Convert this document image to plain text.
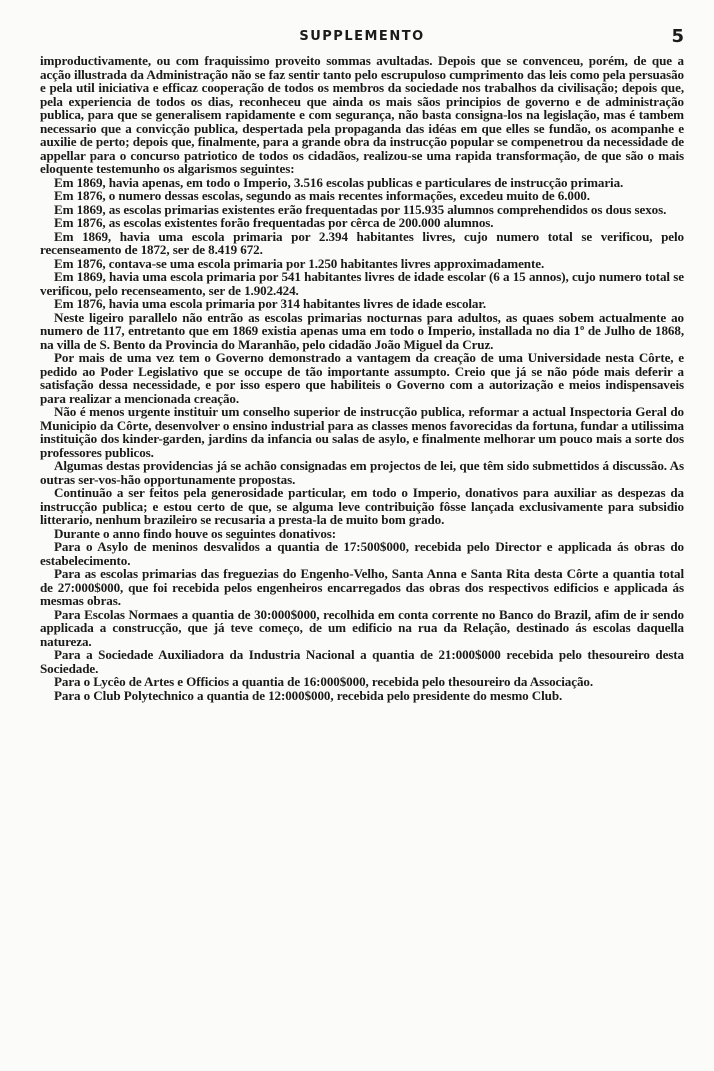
SUPPLEMENTO	5

improductivamente, ou com fraquissimo proveito sommas avultadas. Depois que se convenceu, porém, de que a acção illustrada da Administração não se faz sentir tanto pelo escrupuloso cumprimento das leis como pela persuasão e pela util iniciativa e efficaz cooperação de todos os membros da sociedade nos trabalhos da civilisação; depois que, pela experiencia de todos os dias, reconheceu que ainda os mais sãos principios de governo e de administração publica, para que se generalisem rapidamente e com segurança, não basta consigna-los na legislação, mas é tambem necessario que a convicção publica, despertada pela propaganda das idéas em que elles se fundão, os acompanhe e auxilie de perto; depois que, finalmente, para a grande obra da instrucção popular se compenetrou da necessidade de appellar para o concurso patriotico de todos os cidadãos, realizou-se uma rapida transformação, de que são o mais eloquente testemunho os algarismos seguintes:

Em 1869, havia apenas, em todo o Imperio, 3.516 escolas publicas e particulares de instrucção primaria.

Em 1876, o numero dessas escolas, segundo as mais recentes informações, excedeu muito de 6.000.

Em 1869, as escolas primarias existentes erão frequentadas por 115.935 alumnos comprehendidos os dous sexos.

Em 1876, as escolas existentes forão frequentadas por cêrca de 200.000 alumnos.

Em 1869, havia uma escola primaria por 2.394 habitantes livres, cujo numero total se verificou, pelo recenseamento de 1872, ser de 8.419 672.

Em 1876, contava-se uma escola primaria por 1.250 habitantes livres approximadamente.

Em 1869, havia uma escola primaria por 541 habitantes livres de idade escolar (6 a 15 annos), cujo numero total se verificou, pelo recenseamento, ser de 1.902.424.

Em 1876, havia uma escola primaria por 314 habitantes livres de idade escolar.

Neste ligeiro parallelo não entrão as escolas primarias nocturnas para adultos, as quaes sobem actualmente ao numero de 117, entretanto que em 1869 existia apenas uma em todo o Imperio, installada no dia 1º de Julho de 1868, na villa de S. Bento da Provincia do Maranhão, pelo cidadão João Miguel da Cruz.

Por mais de uma vez tem o Governo demonstrado a vantagem da creação de uma Universidade nesta Côrte, e pedido ao Poder Legislativo que se occupe de tão importante assumpto. Creio que já se não póde mais deferir a satisfação dessa necessidade, e por isso espero que habiliteis o Governo com a autorização e meios indispensaveis para realizar a mencionada creação.

Não é menos urgente instituir um conselho superior de instrucção publica, reformar a actual Inspectoria Geral do Municipio da Côrte, desenvolver o ensino industrial para as classes menos favorecidas da fortuna, fundar a utilissima instituição dos kinder-garden, jardins da infancia ou salas de asylo, e finalmente melhorar um pouco mais a sorte dos professores publicos.

Algumas destas providencias já se achão consignadas em projectos de lei, que têm sido submettidos á discussão. As outras ser-vos-hão opportunamente propostas.

Continuão a ser feitos pela generosidade particular, em todo o Imperio, donativos para auxiliar as despezas da instrucção publica; e estou certo de que, se alguma leve contribuição fôsse lançada exclusivamente para subsidio litterario, nenhum brazileiro se recusaria a presta-la de muito bom grado.

Durante o anno findo houve os seguintes donativos:

Para o Asylo de meninos desvalidos a quantia de 17:500$000, recebida pelo Director e applicada ás obras do estabelecimento.

Para as escolas primarias das freguezias do Engenho-Velho, Santa Anna e Santa Rita desta Côrte a quantia total de 27:000$000, que foi recebida pelos engenheiros encarregados das obras dos respectivos edificios e applicada ás mesmas obras.

Para Escolas Normaes a quantia de 30:000$000, recolhida em conta corrente no Banco do Brazil, afim de ir sendo applicada a construcção, que já teve começo, de um edificio na rua da Relação, destinado ás escolas daquella natureza.

Para a Sociedade Auxiliadora da Industria Nacional a quantia de 21:000$000 recebida pelo thesoureiro desta Sociedade.

Para o Lycêo de Artes e Officios a quantia de 16:000$000, recebida pelo thesoureiro da Associação.

Para o Club Polytechnico a quantia de 12:000$000, recebida pelo presidente do mesmo Club.
